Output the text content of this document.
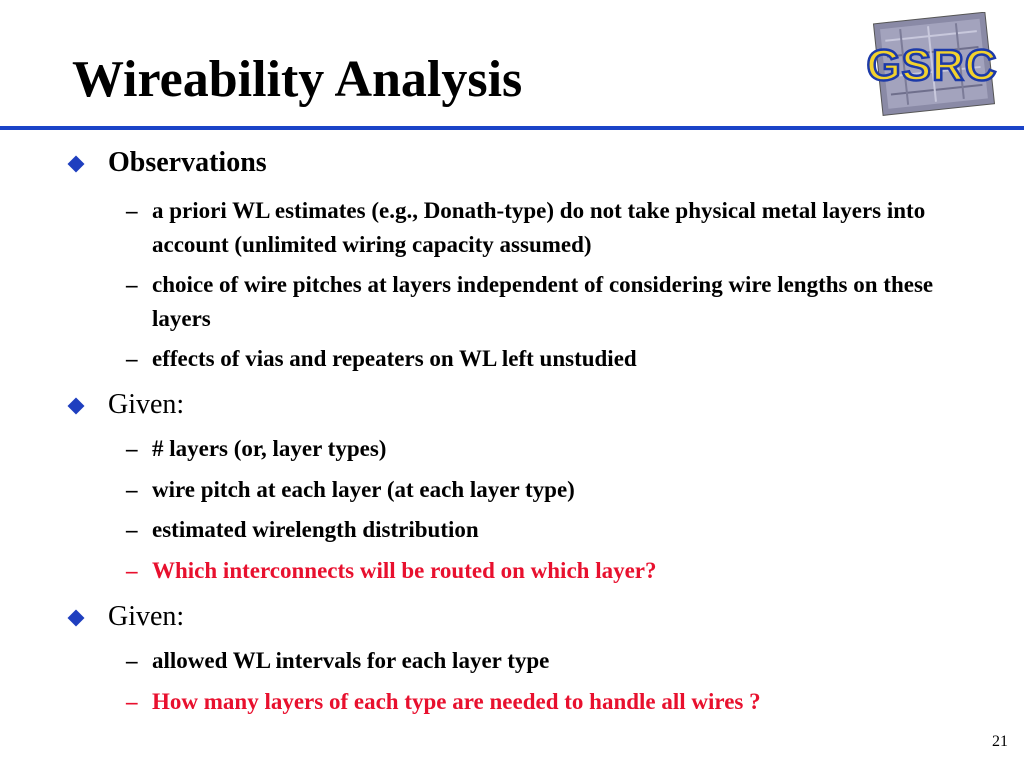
Wireability Analysis	GSRC
Observations
– a priori WL estimates (e.g., Donath-type) do not take physical metal layers into account (unlimited wiring capacity assumed)
– choice of wire pitches at layers independent of considering wire lengths on these layers
– effects of vias and repeaters on WL left unstudied
Given:
– # layers (or, layer types)
– wire pitch at each layer (at each layer type)
– estimated wirelength distribution
– Which interconnects will be routed on which layer?
Given:
– allowed WL intervals for each layer type
– How many layers of each type are needed to handle all wires ?
21
